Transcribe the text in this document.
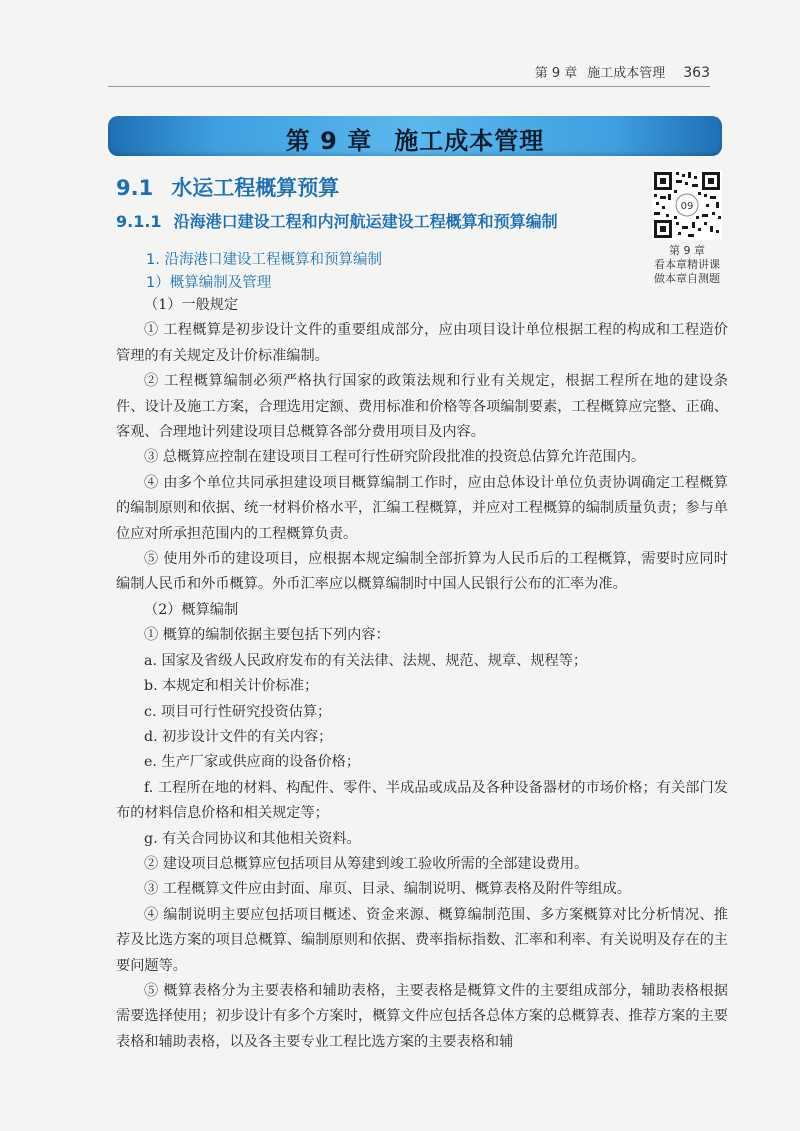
第 9 章 施工成本管理 363
第 9 章 施工成本管理
09
第 9 章
看本章精讲课
做本章自测题
9.1 水运工程概算预算
9.1.1 沿海港口建设工程和内河航运建设工程概算和预算编制
1. 沿海港口建设工程概算和预算编制
1）概算编制及管理

（1）一般规定

① 工程概算是初步设计文件的重要组成部分，应由项目设计单位根据工程的构成和工程造价管理的有关规定及计价标准编制。

② 工程概算编制必须严格执行国家的政策法规和行业有关规定，根据工程所在地的建设条件、设计及施工方案，合理选用定额、费用标准和价格等各项编制要素，工程概算应完整、正确、客观、合理地计列建设项目总概算各部分费用项目及内容。

③ 总概算应控制在建设项目工程可行性研究阶段批准的投资总估算允许范围内。

④ 由多个单位共同承担建设项目概算编制工作时，应由总体设计单位负责协调确定工程概算的编制原则和依据、统一材料价格水平，汇编工程概算，并应对工程概算的编制质量负责；参与单位应对所承担范围内的工程概算负责。

⑤ 使用外币的建设项目，应根据本规定编制全部折算为人民币后的工程概算，需要时应同时编制人民币和外币概算。外币汇率应以概算编制时中国人民银行公布的汇率为准。

（2）概算编制

① 概算的编制依据主要包括下列内容：

a. 国家及省级人民政府发布的有关法律、法规、规范、规章、规程等；

b. 本规定和相关计价标准；

c. 项目可行性研究投资估算；

d. 初步设计文件的有关内容；

e. 生产厂家或供应商的设备价格；

f. 工程所在地的材料、构配件、零件、半成品或成品及各种设备器材的市场价格；有关部门发布的材料信息价格和相关规定等；

g. 有关合同协议和其他相关资料。

② 建设项目总概算应包括项目从筹建到竣工验收所需的全部建设费用。

③ 工程概算文件应由封面、扉页、目录、编制说明、概算表格及附件等组成。

④ 编制说明主要应包括项目概述、资金来源、概算编制范围、多方案概算对比分析情况、推荐及比选方案的项目总概算、编制原则和依据、费率指标指数、汇率和利率、有关说明及存在的主要问题等。

⑤ 概算表格分为主要表格和辅助表格，主要表格是概算文件的主要组成部分，辅助表格根据需要选择使用；初步设计有多个方案时，概算文件应包括各总体方案的总概算表、推荐方案的主要表格和辅助表格，以及各主要专业工程比选方案的主要表格和辅
